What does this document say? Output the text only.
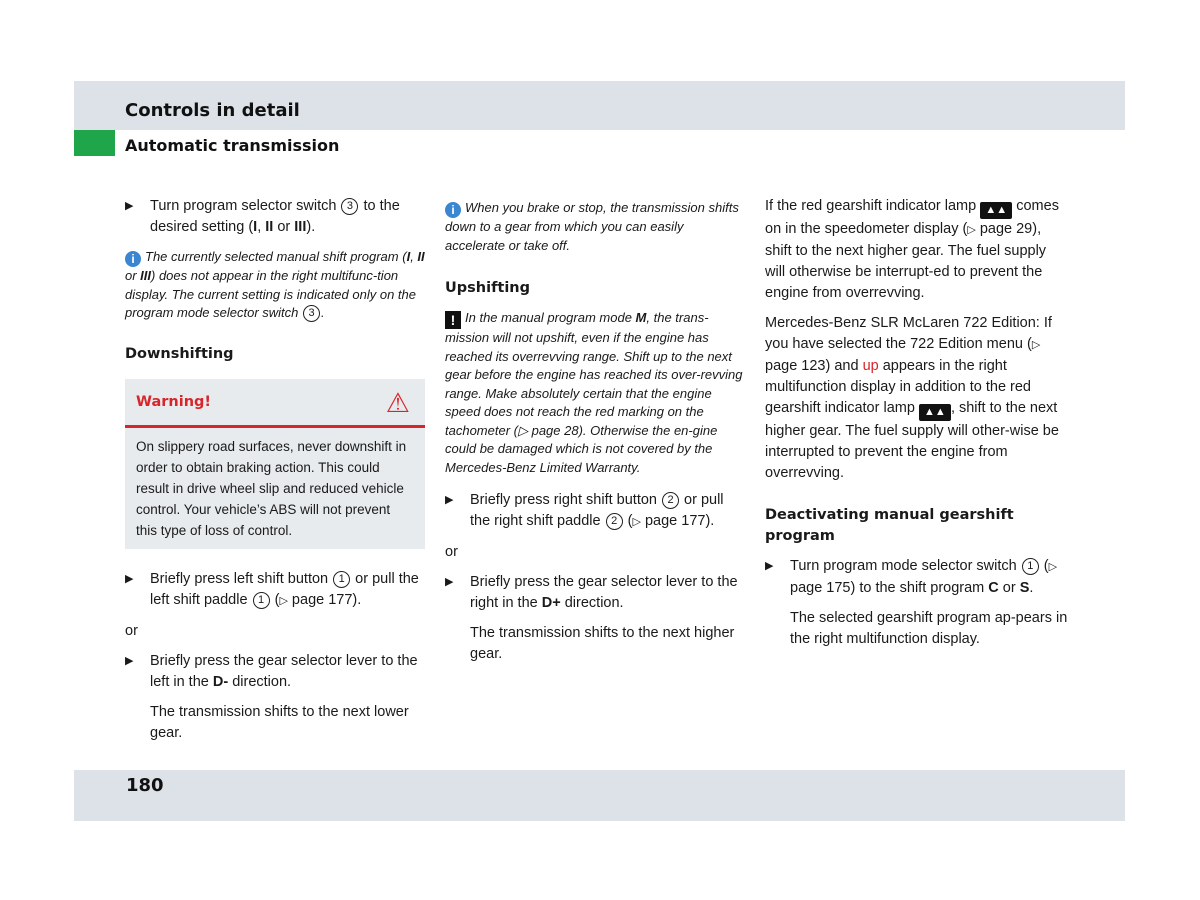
Controls in detail
Automatic transmission

▶ Turn program selector switch 3 to the desired setting (I, II or III).

i The currently selected manual shift program (I, II or III) does not appear in the right multifunc-tion display. The current setting is indicated only on the program mode selector switch 3 .

Downshifting

Warning!	⚠

On slippery road surfaces, never downshift in order to obtain braking action. This could result in drive wheel slip and reduced vehicle control. Your vehicle’s ABS will not prevent this type of loss of control.

▶ Briefly press left shift button 1 or pull the left shift paddle 1 (▷ page 177).

or

▶ Briefly press the gear selector lever to the left in the D- direction.

The transmission shifts to the next lower gear.

i When you brake or stop, the transmission shifts down to a gear from which you can easily accelerate or take off.

Upshifting

! In the manual program mode M, the trans-mission will not upshift, even if the engine has reached its overrevving range. Shift up to the next gear before the engine has reached its over-revving range. Make absolutely certain that the engine speed does not reach the red marking on the tachometer (▷ page 28). Otherwise the en-gine could be damaged which is not covered by the Mercedes-Benz Limited Warranty.

▶ Briefly press right shift button 2 or pull the right shift paddle 2 (▷ page 177).

or

▶ Briefly press the gear selector lever to the right in the D+ direction.

The transmission shifts to the next higher gear.

If the red gearshift indicator lamp ▲▲ comes on in the speedometer display (▷ page 29), shift to the next higher gear. The fuel supply will otherwise be interrupt-ed to prevent the engine from overrevving.

Mercedes-Benz SLR McLaren 722 Edition: If you have selected the 722 Edition menu (▷ page 123) and up appears in the right multifunction display in addition to the red gearshift indicator lamp ▲▲ , shift to the next higher gear. The fuel supply will other-wise be interrupted to prevent the engine from overrevving.

Deactivating manual gearshift program

▶ Turn program mode selector switch 1 (▷ page 175) to the shift program C or S.

The selected gearshift program ap-pears in the right multifunction display.

180
